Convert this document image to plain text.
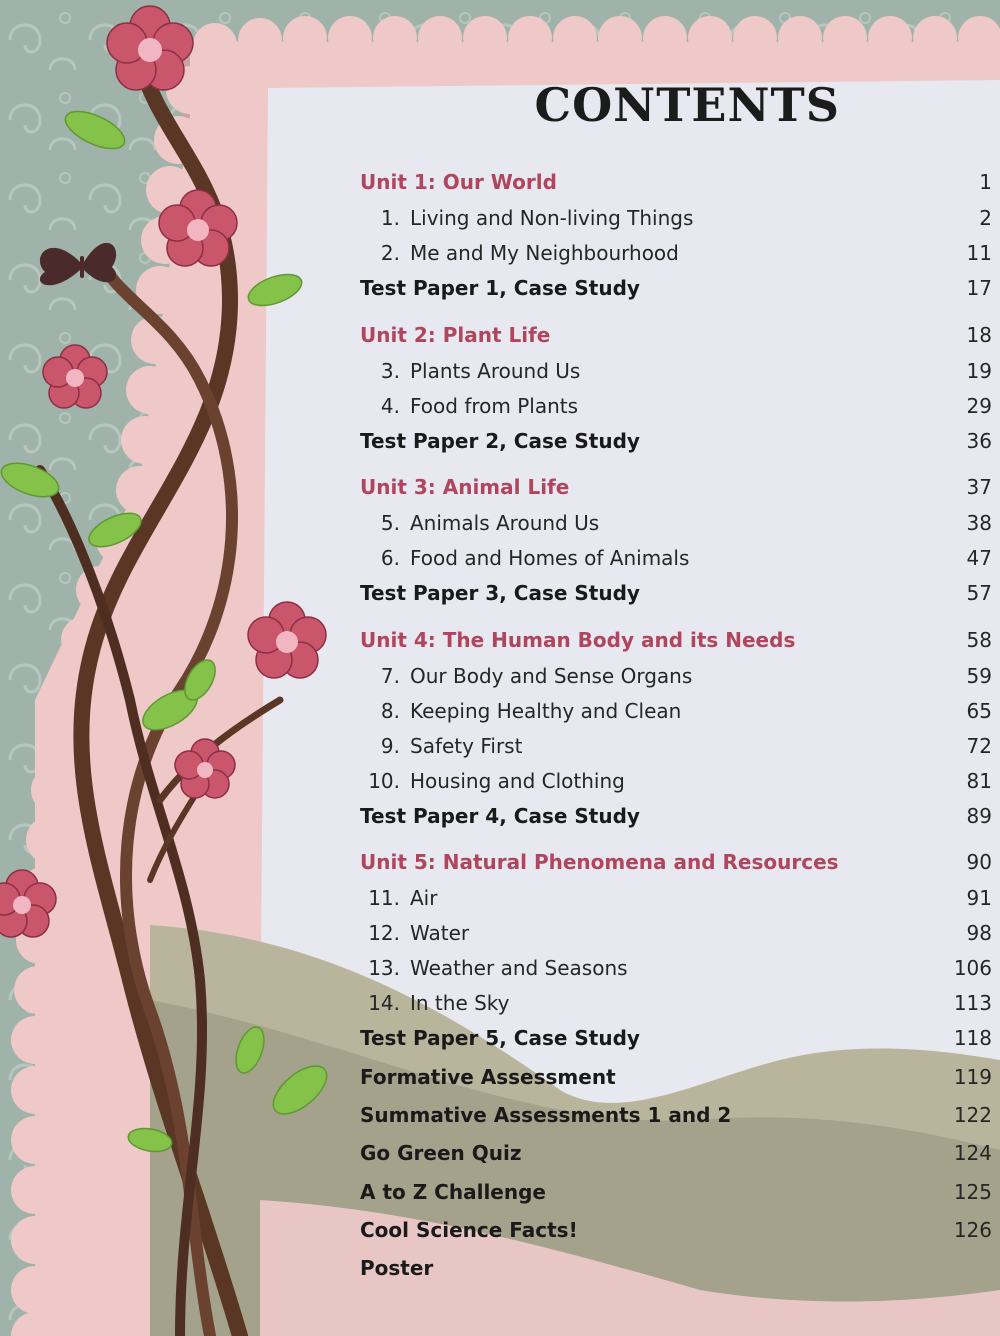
CONTENTS
Unit 1: Our World	1
1. Living and Non-living Things	2
2. Me and My Neighbourhood	11
Test Paper 1, Case Study	17
Unit 2: Plant Life	18
3. Plants Around Us	19
4. Food from Plants	29
Test Paper 2, Case Study	36
Unit 3: Animal Life	37
5. Animals Around Us	38
6. Food and Homes of Animals	47
Test Paper 3, Case Study	57
Unit 4: The Human Body and its Needs	58
7. Our Body and Sense Organs	59
8. Keeping Healthy and Clean	65
9. Safety First	72
10. Housing and Clothing	81
Test Paper 4, Case Study	89
Unit 5: Natural Phenomena and Resources	90
11. Air	91
12. Water	98
13. Weather and Seasons	106
14. In the Sky	113
Test Paper 5, Case Study	118
Formative Assessment	119
Summative Assessments 1 and 2	122
Go Green Quiz	124
A to Z Challenge	125
Cool Science Facts!	126
Poster
